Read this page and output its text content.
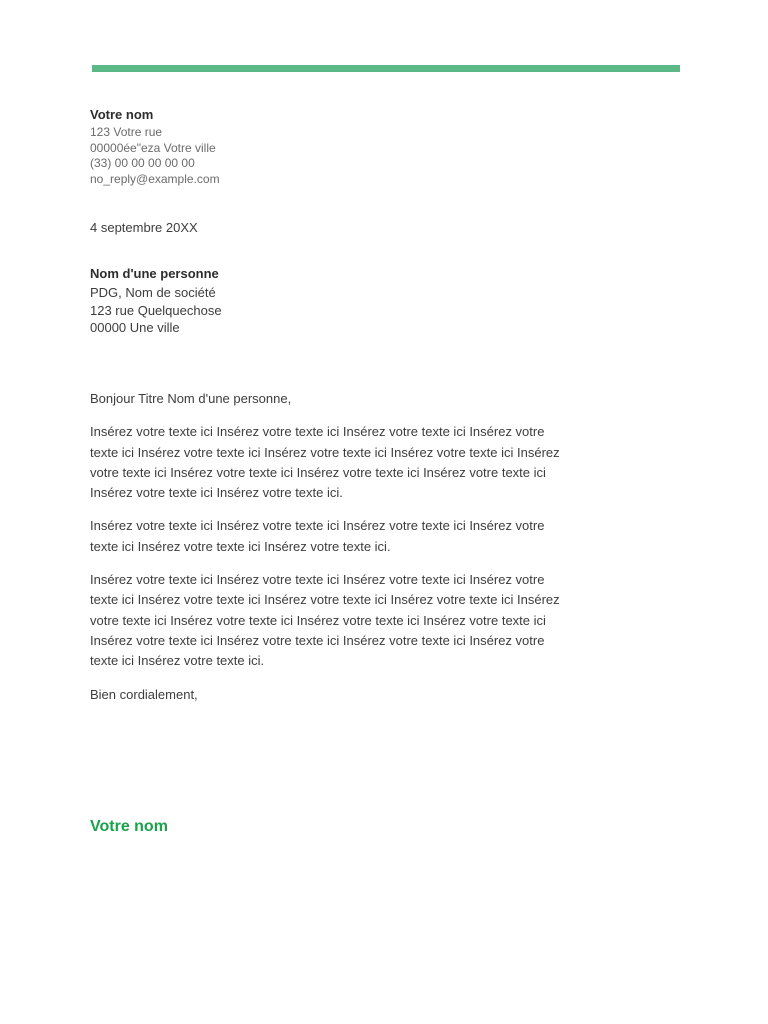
Votre nom
123 Votre rue
00000ée"eza Votre ville
(33) 00 00 00 00 00
no_reply@example.com
4 septembre 20XX
Nom d'une personne
PDG, Nom de société
123 rue Quelquechose
00000 Une ville

Bonjour Titre Nom d'une personne,

Insérez votre texte ici Insérez votre texte ici Insérez votre texte ici Insérez votre texte ici Insérez votre texte ici Insérez votre texte ici Insérez votre texte ici Insérez votre texte ici Insérez votre texte ici Insérez votre texte ici Insérez votre texte ici Insérez votre texte ici Insérez votre texte ici.

Insérez votre texte ici Insérez votre texte ici Insérez votre texte ici Insérez votre texte ici Insérez votre texte ici Insérez votre texte ici.

Insérez votre texte ici Insérez votre texte ici Insérez votre texte ici Insérez votre texte ici Insérez votre texte ici Insérez votre texte ici Insérez votre texte ici Insérez votre texte ici Insérez votre texte ici Insérez votre texte ici Insérez votre texte ici Insérez votre texte ici Insérez votre texte ici Insérez votre texte ici Insérez votre texte ici Insérez votre texte ici.

Bien cordialement,

Votre nom
